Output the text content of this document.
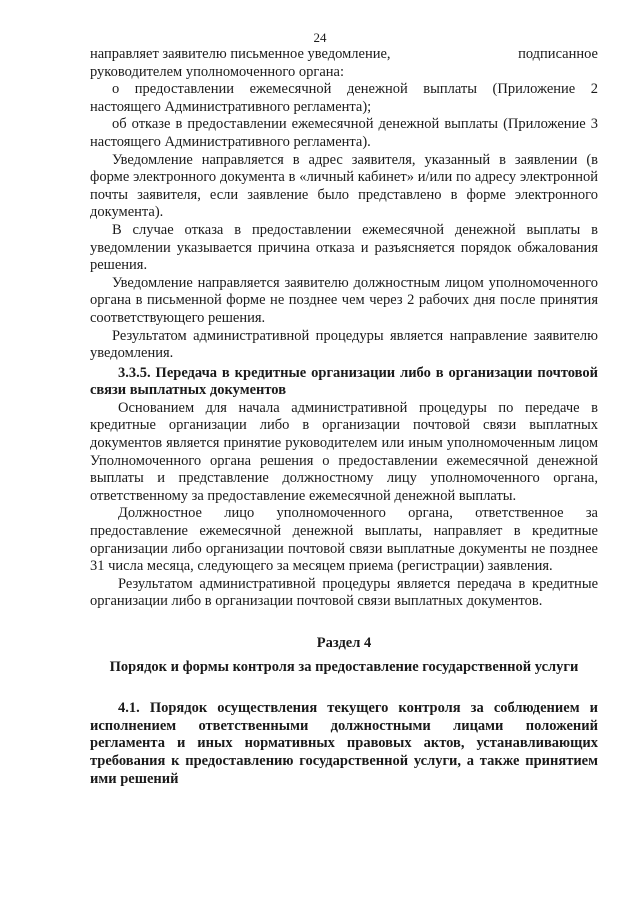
24
направляет заявителю письменное уведомление,	подписанное

руководителем уполномоченного органа:

о предоставлении ежемесячной денежной выплаты (Приложение 2 настоящего Административного регламента);

об отказе в предоставлении ежемесячной денежной выплаты (Приложение 3 настоящего Административного регламента).

Уведомление направляется в адрес заявителя, указанный в заявлении (в форме электронного документа в «личный кабинет» и/или по адресу электронной почты заявителя, если заявление было представлено в форме электронного документа).

В случае отказа в предоставлении ежемесячной денежной выплаты в уведомлении указывается причина отказа и разъясняется порядок обжалования решения.

Уведомление направляется заявителю должностным лицом уполномоченного органа в письменной форме не позднее чем через 2 рабочих дня после принятия соответствующего решения.

Результатом административной процедуры является направление заявителю уведомления.

3.3.5. Передача в кредитные организации либо в организации почтовой связи выплатных документов

Основанием для начала административной процедуры по передаче в кредитные организации либо в организации почтовой связи выплатных документов является принятие руководителем или иным уполномоченным лицом Уполномоченного органа решения о предоставлении ежемесячной денежной выплаты и представление должностному лицу уполномоченного органа, ответственному за предоставление ежемесячной денежной выплаты.

Должностное лицо уполномоченного органа, ответственное за предоставление ежемесячной денежной выплаты, направляет в кредитные организации либо организации почтовой связи выплатные документы не позднее 31 числа месяца, следующего за месяцем приема (регистрации) заявления.

Результатом административной процедуры является передача в кредитные организации либо в организации почтовой связи выплатных документов.

Раздел 4

Порядок и формы контроля за предоставление государственной услуги

4.1. Порядок осуществления текущего контроля за соблюдением и исполнением ответственными должностными лицами положений регламента и иных нормативных правовых актов, устанавливающих требования к предоставлению государственной услуги, а также принятием ими решений
